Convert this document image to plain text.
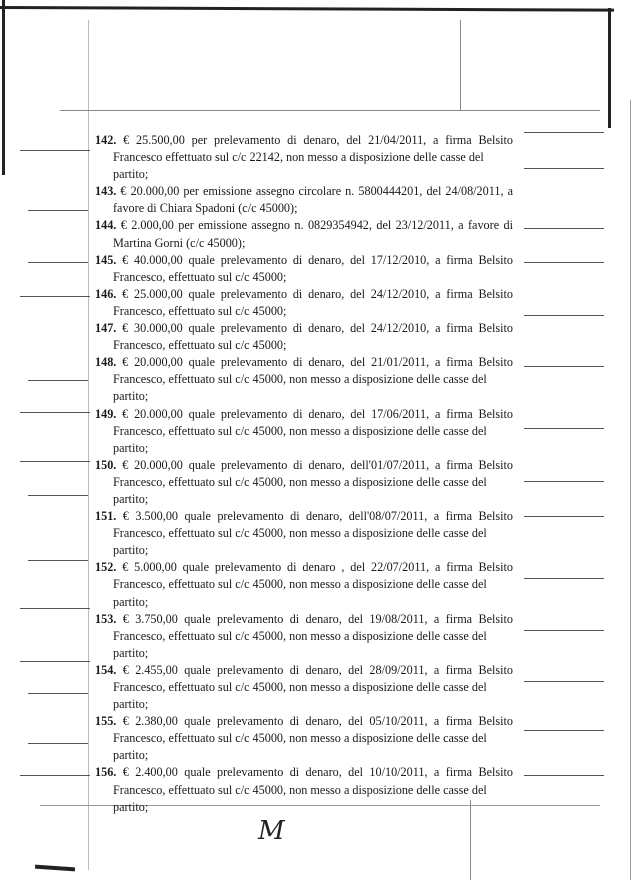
142. € 25.500,00 per prelevamento di denaro, del 21/04/2011, a firma Belsito
Francesco effettuato sul c/c 22142, non messo a disposizione delle casse del
partito;

143. € 20.000,00 per emissione assegno circolare n. 5800444201, del 24/08/2011, a
favore di Chiara Spadoni (c/c 45000);

144. € 2.000,00 per emissione assegno n. 0829354942, del 23/12/2011, a favore di
Martina Gorni (c/c 45000);

145. € 40.000,00 quale prelevamento di denaro, del 17/12/2010, a firma Belsito
Francesco, effettuato sul c/c 45000;

146. € 25.000,00 quale prelevamento di denaro, del 24/12/2010, a firma Belsito
Francesco, effettuato sul c/c 45000;

147. € 30.000,00 quale prelevamento di denaro, del 24/12/2010, a firma Belsito
Francesco, effettuato sul c/c 45000;

148. € 20.000,00 quale prelevamento di denaro, del 21/01/2011, a firma Belsito
Francesco, effettuato sul c/c 45000, non messo a disposizione delle casse del
partito;

149. € 20.000,00 quale prelevamento di denaro, del 17/06/2011, a firma Belsito
Francesco, effettuato sul c/c 45000, non messo a disposizione delle casse del
partito;

150. € 20.000,00 quale prelevamento di denaro, dell'01/07/2011, a firma Belsito
Francesco, effettuato sul c/c 45000, non messo a disposizione delle casse del
partito;

151. € 3.500,00 quale prelevamento di denaro, dell'08/07/2011, a firma Belsito
Francesco, effettuato sul c/c 45000, non messo a disposizione delle casse del
partito;

152. € 5.000,00 quale prelevamento di denaro , del 22/07/2011, a firma Belsito
Francesco, effettuato sul c/c 45000, non messo a disposizione delle casse del
partito;

153. € 3.750,00 quale prelevamento di denaro, del 19/08/2011, a firma Belsito
Francesco, effettuato sul c/c 45000, non messo a disposizione delle casse del
partito;

154. € 2.455,00 quale prelevamento di denaro, del 28/09/2011, a firma Belsito
Francesco, effettuato sul c/c 45000, non messo a disposizione delle casse del
partito;

155. € 2.380,00 quale prelevamento di denaro, del 05/10/2011, a firma Belsito
Francesco, effettuato sul c/c 45000, non messo a disposizione delle casse del
partito;

156. € 2.400,00 quale prelevamento di denaro, del 10/10/2011, a firma Belsito
Francesco, effettuato sul c/c 45000, non messo a disposizione delle casse del
partito;

M
